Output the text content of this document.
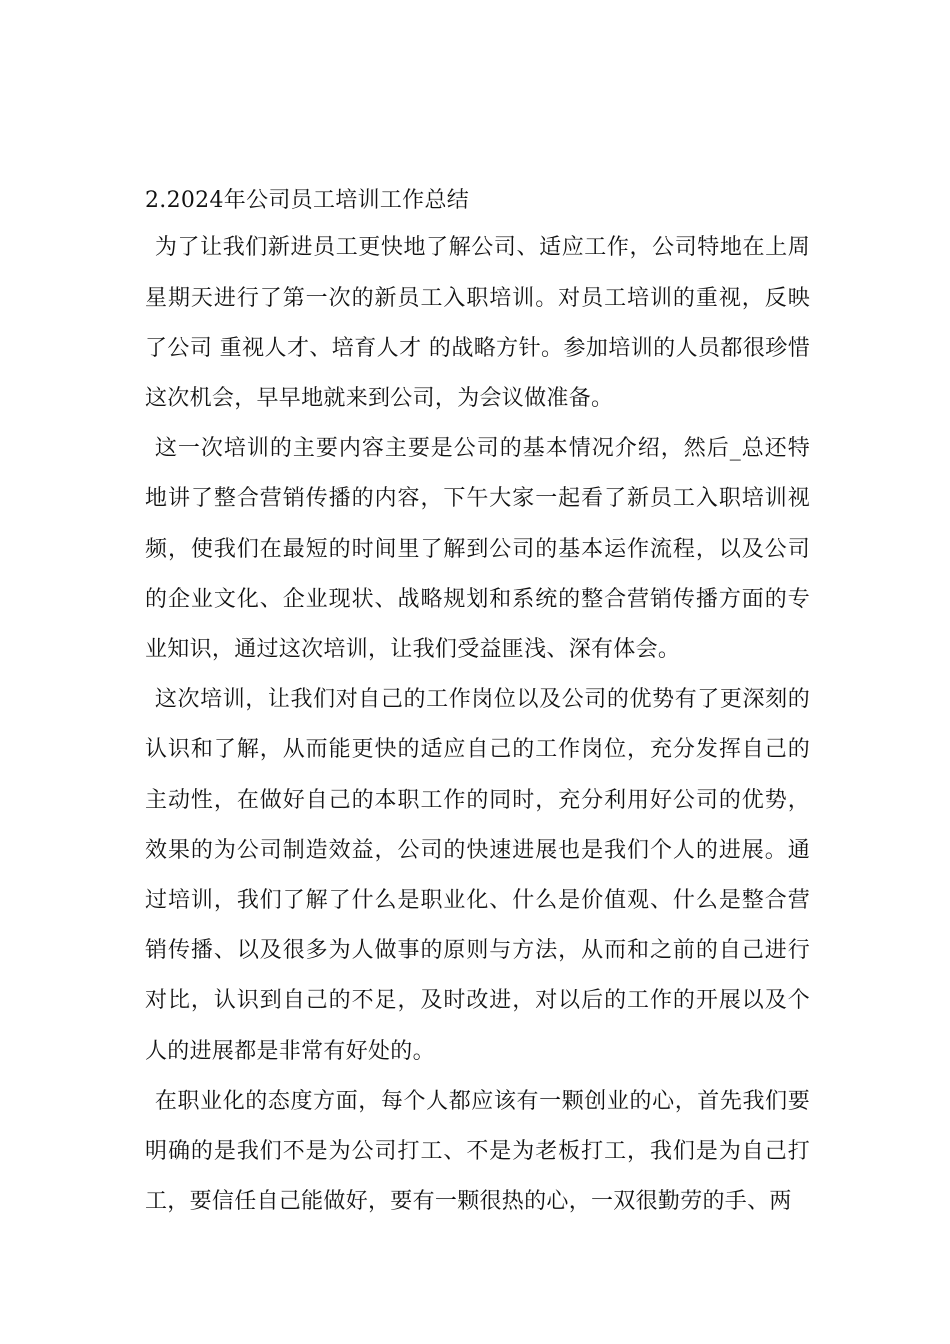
2.2024年公司员工培训工作总结

为了让我们新进员工更快地了解公司、适应工作，公司特地在上周星期天进行了第一次的新员工入职培训。对员工培训的重视，反映了公司 重视人才、培育人才 的战略方针。参加培训的人员都很珍惜这次机会，早早地就来到公司，为会议做准备。

这一次培训的主要内容主要是公司的基本情况介绍，然后_总还特地讲了整合营销传播的内容，下午大家一起看了新员工入职培训视频，使我们在最短的时间里了解到公司的基本运作流程，以及公司的企业文化、企业现状、战略规划和系统的整合营销传播方面的专业知识，通过这次培训，让我们受益匪浅、深有体会。

这次培训，让我们对自己的工作岗位以及公司的优势有了更深刻的认识和了解，从而能更快的适应自己的工作岗位，充分发挥自己的主动性，在做好自己的本职工作的同时，充分利用好公司的优势，效果的为公司制造效益，公司的快速进展也是我们个人的进展。通过培训，我们了解了什么是职业化、什么是价值观、什么是整合营销传播、以及很多为人做事的原则与方法，从而和之前的自己进行对比，认识到自己的不足，及时改进，对以后的工作的开展以及个人的进展都是非常有好处的。

在职业化的态度方面，每个人都应该有一颗创业的心，首先我们要明确的是我们不是为公司打工、不是为老板打工，我们是为自己打工，要信任自己能做好，要有一颗很热的心，一双很勤劳的手、两
